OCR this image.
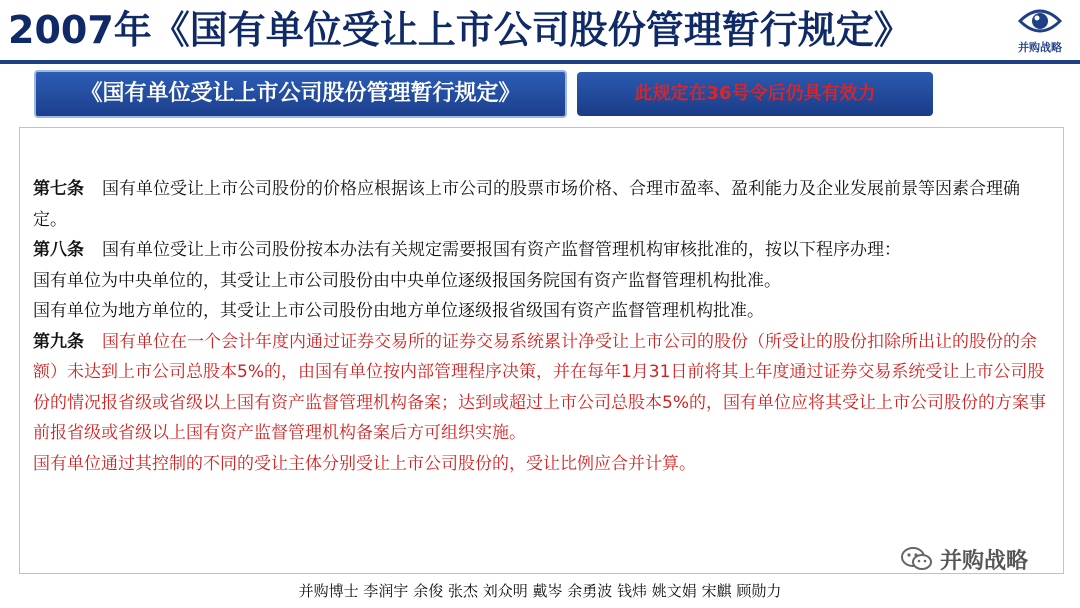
2007年《国有单位受让上市公司股份管理暂行规定》	并购战略
《国有单位受让上市公司股份管理暂行规定》	此规定在36号令后仍具有效力

第七条 国有单位受让上市公司股份的价格应根据该上市公司的股票市场价格、合理市盈率、盈利能力及企业发展前景等因素合理确定。

第八条 国有单位受让上市公司股份按本办法有关规定需要报国有资产监督管理机构审核批准的，按以下程序办理：

国有单位为中央单位的，其受让上市公司股份由中央单位逐级报国务院国有资产监督管理机构批准。

国有单位为地方单位的，其受让上市公司股份由地方单位逐级报省级国有资产监督管理机构批准。

第九条 国有单位在一个会计年度内通过证券交易所的证券交易系统累计净受让上市公司的股份（所受让的股份扣除所出让的股份的余额）未达到上市公司总股本5%的，由国有单位按内部管理程序决策，并在每年1月31日前将其上年度通过证券交易系统受让上市公司股份的情况报省级或省级以上国有资产监督管理机构备案；达到或超过上市公司总股本5%的，国有单位应将其受让上市公司股份的方案事前报省级或省级以上国有资产监督管理机构备案后方可组织实施。

国有单位通过其控制的不同的受让主体分别受让上市公司股份的，受让比例应合并计算。

并购战略
并购博士 李润宇 余俊 张杰 刘众明 戴岑 余勇波 钱炜 姚文娟 宋麒 顾勋力
